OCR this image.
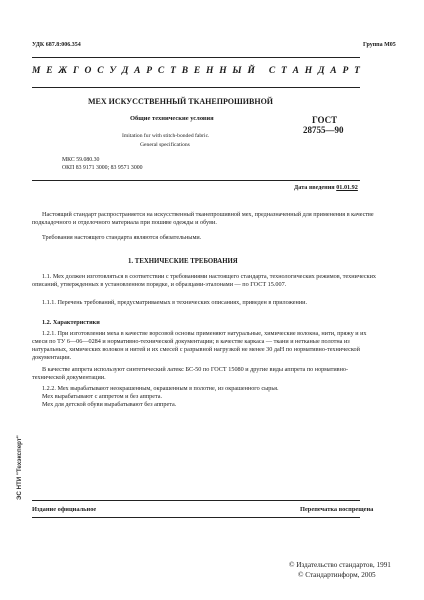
УДК 687.8:006.354	Группа М05
М Е Ж Г О С У Д А Р С Т В Е Н Н Ы Й
С Т А Н Д А Р Т
МЕХ ИСКУССТВЕННЫЙ ТКАНЕПРОШИВНОЙ
Общие технические условия
Imitation fur with stitch-bonded fabric.
General specifications
ГОСТ
28755—90
МКС 59.080.30
ОКП 83 9171 3000; 83 9571 3000
Дата введения 01.01.92
Настоящий стандарт распространяется на искусственный тканепрошивной мех, предназначенный для применения в качестве подкладочного и отделочного материала при пошиве одежды и обуви.
Требования настоящего стандарта являются обязательными.
1. ТЕХНИЧЕСКИЕ ТРЕБОВАНИЯ
1.1. Мех должен изготовляться в соответствии с требованиями настоящего стандарта, технологических режимов, технических описаний, утвержденных в установленном порядке, и образцами-эталонами — по ГОСТ 15.007.
1.1.1. Перечень требований, предусматриваемых в технических описаниях, приведен в приложении.
1.2. Характеристики
1.2.1. При изготовлении меха в качестве ворсовой основы применяют натуральные, химические волокна, нити, пряжу и их смеси по ТУ 6—06—0284 и нормативно-технической документации; в качестве каркаса — ткани и нетканые полотна из натуральных, химических волокон и нитей и их смесей с разрывной нагрузкой не менее 30 даН по нормативно-технической документации.
В качестве аппрета используют синтетический латекс БС-50 по ГОСТ 15080 и другие виды аппрета по нормативно-технической документации.
1.2.2. Мех вырабатывают неокрашенным, окрашенным в полотне, из окрашенного сырья.
Мех вырабатывают с аппретом и без аппрета.
Мех для детской обуви вырабатывают без аппрета.
Издание официальное	Перепечатка воспрещена
© Издательство стандартов, 1991
© Стандартинформ, 2005
ЭС НТИ "Техэксперт"
